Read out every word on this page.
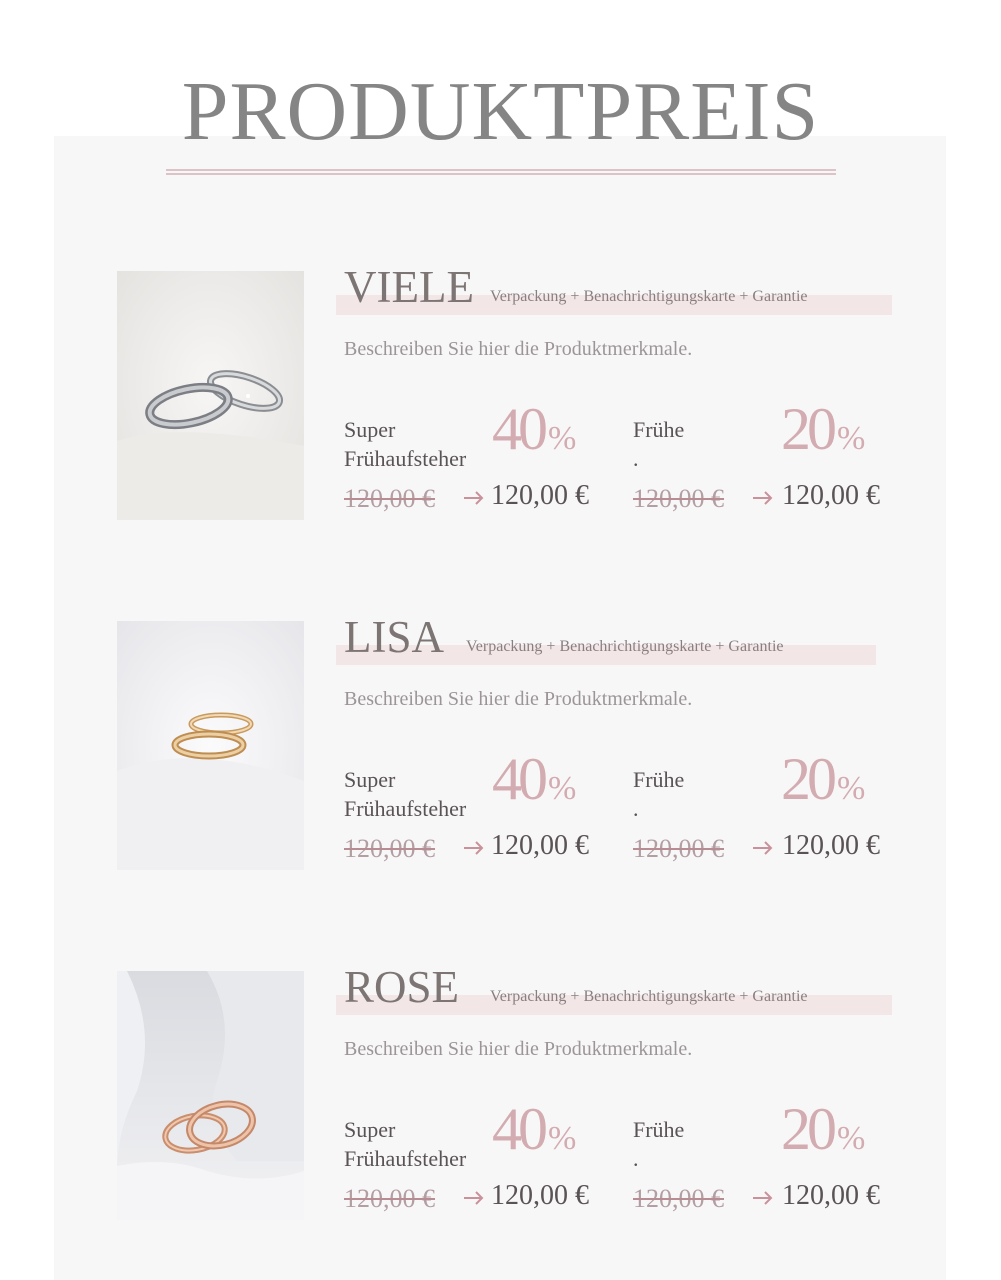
PRODUKTPREIS
VIELE Verpackung + Benachrichtigungskarte + Garantie
Beschreiben Sie hier die Produktmerkmale.
Super
Frühaufsteher 40 %
120,00 € 120,00 €
Frühe
.	20 %
120,00 € 120,00 €
LISA Verpackung + Benachrichtigungskarte + Garantie
Beschreiben Sie hier die Produktmerkmale.
Super
Frühaufsteher 40 %
120,00 € 120,00 €
Frühe
.	20 %
120,00 € 120,00 €
ROSE Verpackung + Benachrichtigungskarte + Garantie
Beschreiben Sie hier die Produktmerkmale.
Super
Frühaufsteher 40 %
120,00 € 120,00 €
Frühe
.	20 %
120,00 € 120,00 €
